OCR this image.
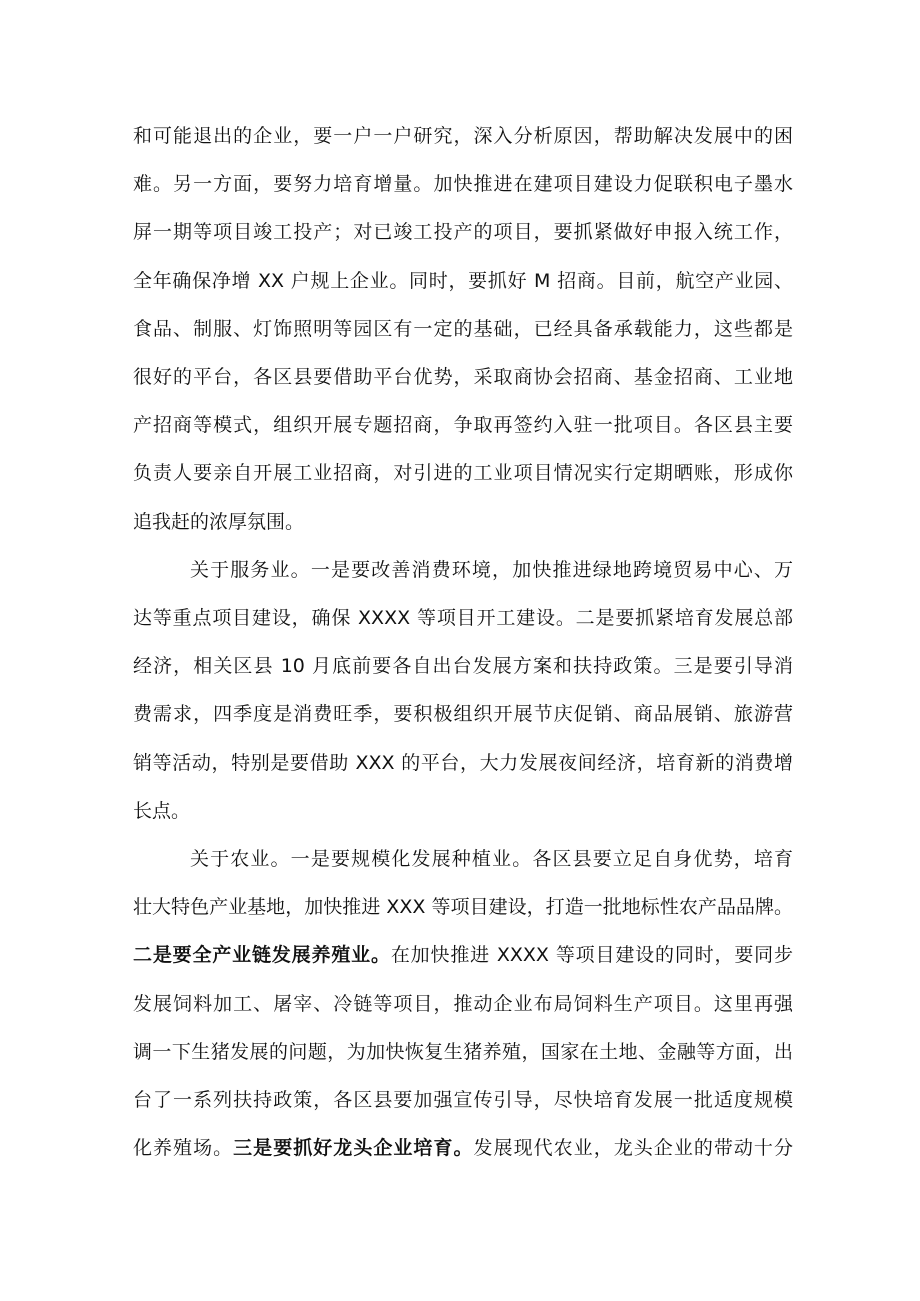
和可能退出的企业，要一户一户研究，深入分析原因，帮助解决发展中的困
难。另一方面，要努力培育增量。加快推进在建项目建设力促联积电子墨水
屏一期等项目竣工投产；对已竣工投产的项目，要抓紧做好申报入统工作，
全年确保净增 XX 户规上企业。同时，要抓好 M 招商。目前，航空产业园、
食品、制服、灯饰照明等园区有一定的基础，已经具备承载能力，这些都是
很好的平台，各区县要借助平台优势，采取商协会招商、基金招商、工业地
产招商等模式，组织开展专题招商，争取再签约入驻一批项目。各区县主要
负责人要亲自开展工业招商，对引进的工业项目情况实行定期晒账，形成你
追我赶的浓厚氛围。
关于服务业。一是要改善消费环境，加快推进绿地跨境贸易中心、万
达等重点项目建设，确保 XXXX 等项目开工建设。二是要抓紧培育发展总部
经济，相关区县 10 月底前要各自出台发展方案和扶持政策。三是要引导消
费需求，四季度是消费旺季，要积极组织开展节庆促销、商品展销、旅游营
销等活动，特别是要借助 XXX 的平台，大力发展夜间经济，培育新的消费增
长点。
关于农业。一是要规模化发展种植业。各区县要立足自身优势，培育
壮大特色产业基地，加快推进 XXX 等项目建设，打造一批地标性农产品品牌。
二是要全产业链发展养殖业。在加快推进 XXXX 等项目建设的同时，要同步
发展饲料加工、屠宰、冷链等项目，推动企业布局饲料生产项目。这里再强
调一下生猪发展的问题，为加快恢复生猪养殖，国家在土地、金融等方面，出
台了一系列扶持政策，各区县要加强宣传引导，尽快培育发展一批适度规模
化养殖场。三是要抓好龙头企业培育。发展现代农业，龙头企业的带动十分
